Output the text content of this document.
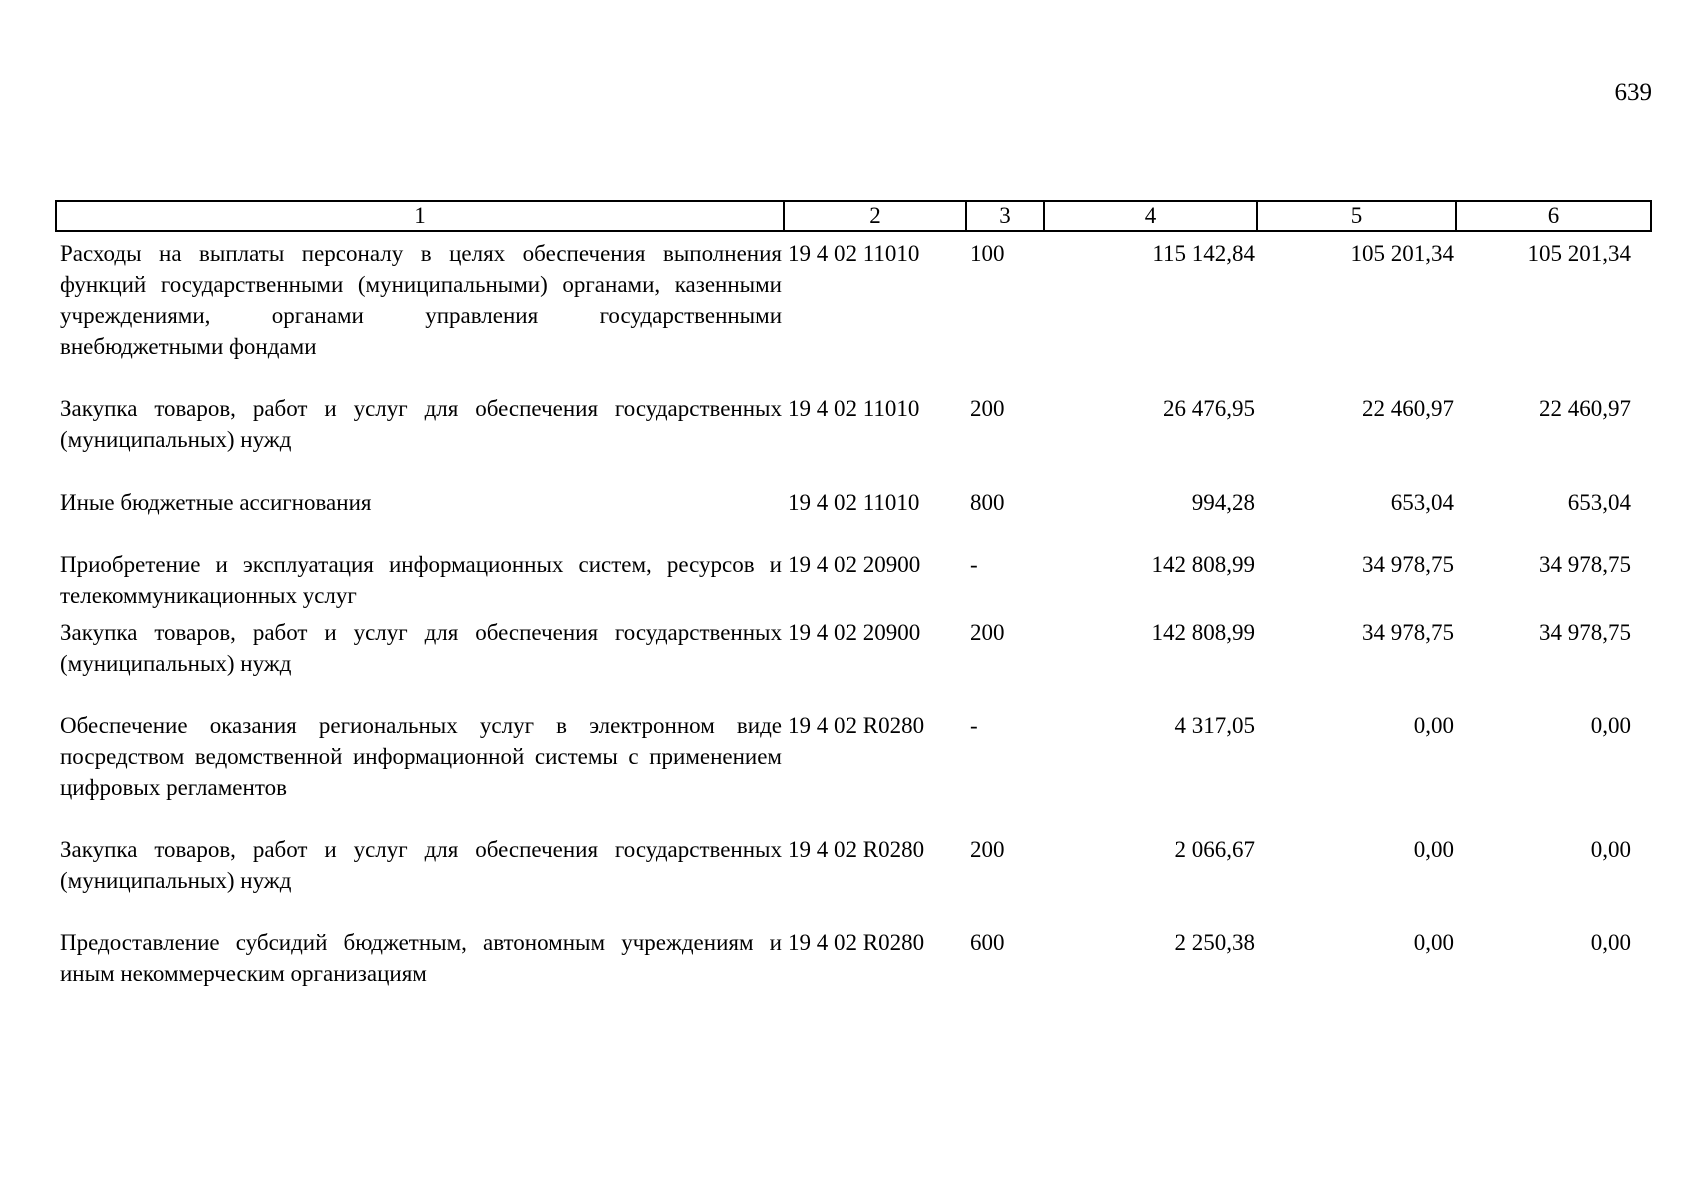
639
1	2	3	4	5	6
Расходы на выплаты персоналу в целях обеспечения выполнения функций государственными (муниципальными) органами, казенными учреждениями, органами управления государственными внебюджетными фондами	19 4 02 11010	100	115 142,84	105 201,34	105 201,34
Закупка товаров, работ и услуг для обеспечения государственных (муниципальных) нужд	19 4 02 11010	200	26 476,95	22 460,97	22 460,97
Иные бюджетные ассигнования	19 4 02 11010	800	994,28	653,04	653,04
Приобретение и эксплуатация информационных систем, ресурсов и телекоммуникационных услуг	19 4 02 20900	-	142 808,99	34 978,75	34 978,75
Закупка товаров, работ и услуг для обеспечения государственных (муниципальных) нужд	19 4 02 20900	200	142 808,99	34 978,75	34 978,75
Обеспечение оказания региональных услуг в электронном виде посредством ведомственной информационной системы с применением цифровых регламентов	19 4 02 R0280	-	4 317,05	0,00	0,00
Закупка товаров, работ и услуг для обеспечения государственных (муниципальных) нужд	19 4 02 R0280	200	2 066,67	0,00	0,00
Предоставление субсидий бюджетным, автономным учреждениям и иным некоммерческим организациям	19 4 02 R0280	600	2 250,38	0,00	0,00
